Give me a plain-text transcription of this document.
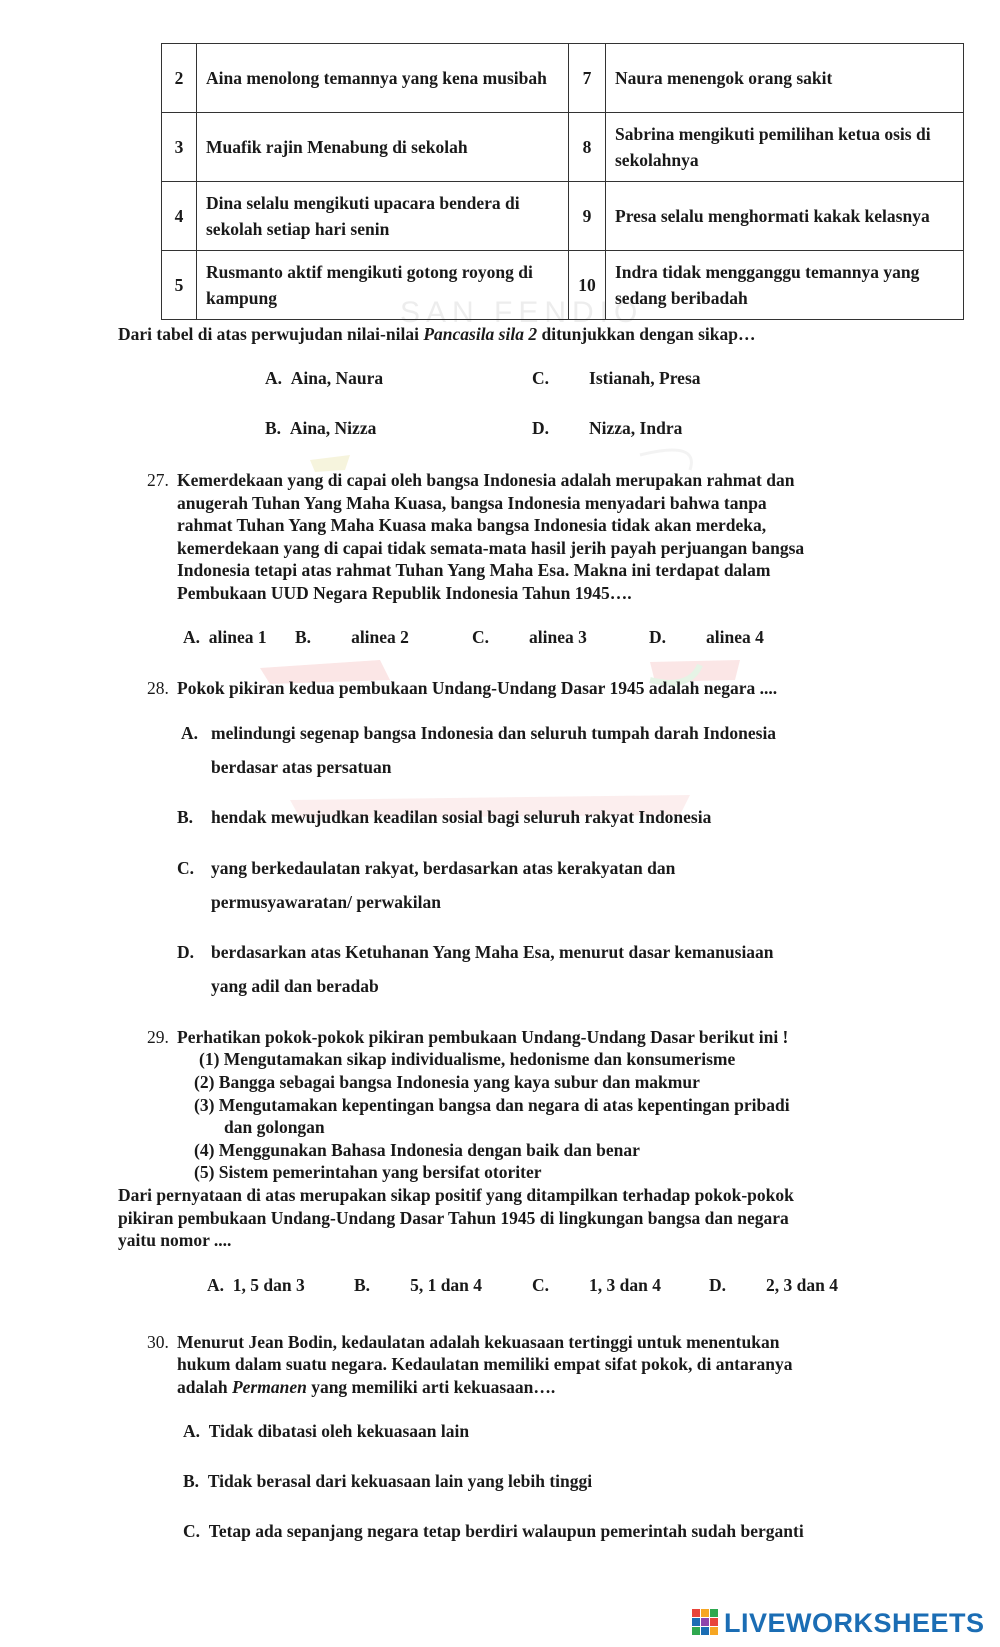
SAN FENDIO
2	Aina menolong temannya yang kena musibah	7	Naura menengok orang sakit
3	Muafik rajin Menabung di sekolah	8	Sabrina mengikuti pemilihan ketua osis di sekolahnya
4	Dina selalu mengikuti upacara bendera di sekolah setiap hari senin	9	Presa selalu menghormati kakak kelasnya
5	Rusmanto aktif mengikuti gotong royong di kampung	10	Indra tidak mengganggu temannya yang sedang beribadah
Dari tabel di atas perwujudan nilai-nilai Pancasila sila 2 ditunjukkan dengan sikap…
A. Aina, Naura	C. Istianah, Presa
B. Aina, Nizza	D. Nizza, Indra
27. Kemerdekaan yang di capai oleh bangsa Indonesia adalah merupakan rahmat dan
anugerah Tuhan Yang Maha Kuasa, bangsa Indonesia menyadari bahwa tanpa
rahmat Tuhan Yang Maha Kuasa maka bangsa Indonesia tidak akan merdeka,
kemerdekaan yang di capai tidak semata-mata hasil jerih payah perjuangan bangsa
Indonesia tetapi atas rahmat Tuhan Yang Maha Esa. Makna ini terdapat dalam
Pembukaan UUD Negara Republik Indonesia Tahun 1945….
A. alinea 1 B. alinea 2	C. alinea 3	D. alinea 4
28. Pokok pikiran kedua pembukaan Undang-Undang Dasar 1945 adalah negara ....
A. melindungi segenap bangsa Indonesia dan seluruh tumpah darah Indonesia
berdasar atas persatuan
B. hendak mewujudkan keadilan sosial bagi seluruh rakyat Indonesia
C. yang berkedaulatan rakyat, berdasarkan atas kerakyatan dan
permusyawaratan/ perwakilan
D. berdasarkan atas Ketuhanan Yang Maha Esa, menurut dasar kemanusiaan
yang adil dan beradab
29. Perhatikan pokok-pokok pikiran pembukaan Undang-Undang Dasar berikut ini !
(1) Mengutamakan sikap individualisme, hedonisme dan konsumerisme
(2) Bangga sebagai bangsa Indonesia yang kaya subur dan makmur
(3) Mengutamakan kepentingan bangsa dan negara di atas kepentingan pribadi
dan golongan
(4) Menggunakan Bahasa Indonesia dengan baik dan benar
(5) Sistem pemerintahan yang bersifat otoriter
Dari pernyataan di atas merupakan sikap positif yang ditampilkan terhadap pokok-pokok
pikiran pembukaan Undang-Undang Dasar Tahun 1945 di lingkungan bangsa dan negara
yaitu nomor ....
A. 1, 5 dan 3	B. 5, 1 dan 4	C. 1, 3 dan 4	D. 2, 3 dan 4
30. Menurut Jean Bodin, kedaulatan adalah kekuasaan tertinggi untuk menentukan
hukum dalam suatu negara. Kedaulatan memiliki empat sifat pokok, di antaranya
adalah Permanen yang memiliki arti kekuasaan….
A. Tidak dibatasi oleh kekuasaan lain
B. Tidak berasal dari kekuasaan lain yang lebih tinggi
C. Tetap ada sepanjang negara tetap berdiri walaupun pemerintah sudah berganti
LIVEWORKSHEETS
